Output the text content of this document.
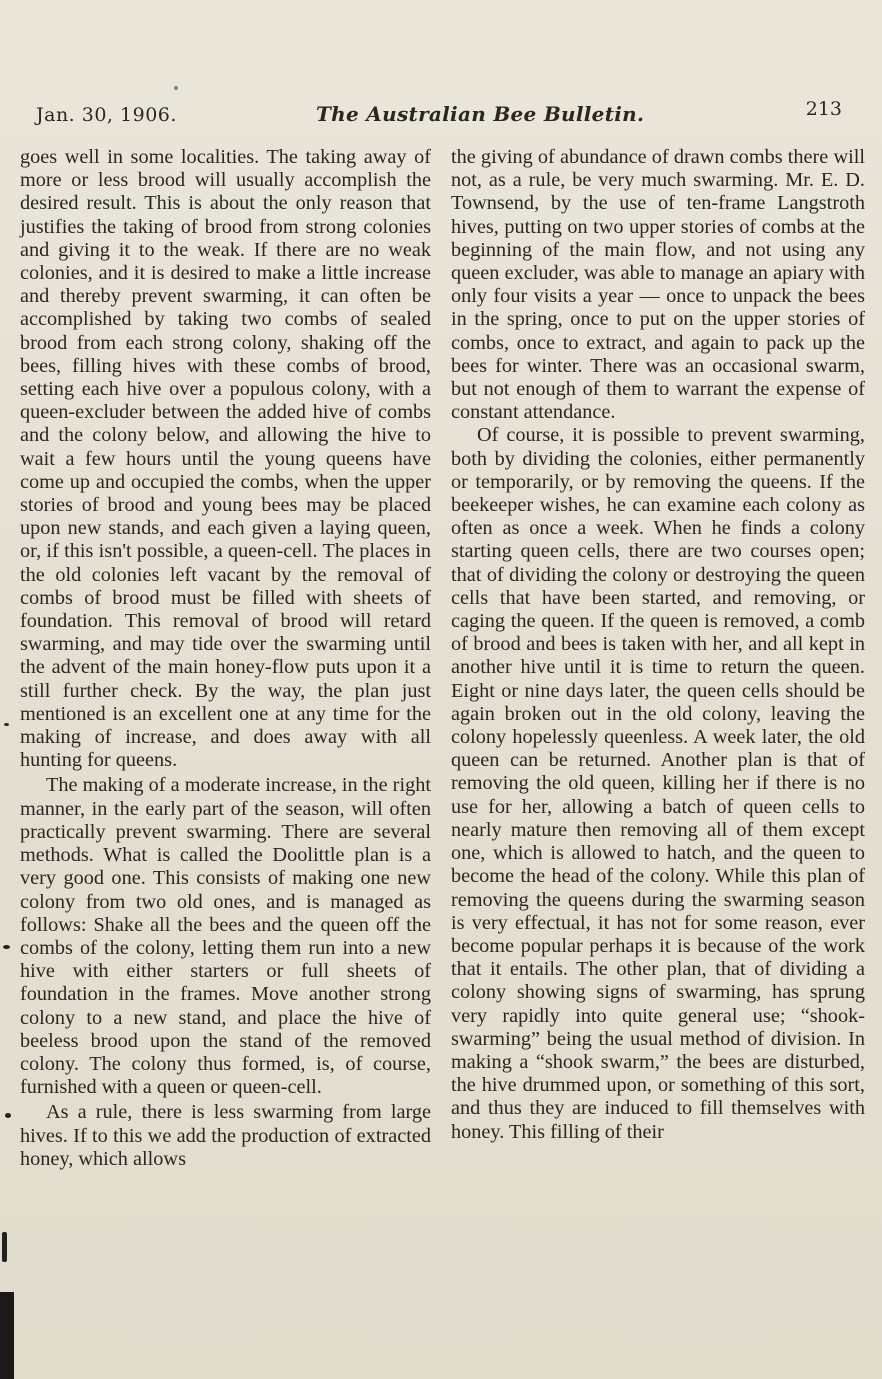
Jan. 30, 1906.	The Australian Bee Bulletin.	213

goes well in some localities. The taking away of more or less brood will usually accomplish the desired result. This is about the only reason that justifies the taking of brood from strong colonies and giving it to the weak. If there are no weak colonies, and it is desired to make a little increase and thereby prevent swarming, it can often be accomplished by taking two combs of sealed brood from each strong colony, shaking off the bees, filling hives with these combs of brood, setting each hive over a populous colony, with a queen-excluder between the added hive of combs and the colony below, and allowing the hive to wait a few hours until the young queens have come up and occupied the combs, when the upper stories of brood and young bees may be placed upon new stands, and each given a laying queen, or, if this isn't possible, a queen-cell. The places in the old colonies left vacant by the removal of combs of brood must be filled with sheets of foundation. This removal of brood will retard swarming, and may tide over the swarming until the advent of the main honey-flow puts upon it a still further check. By the way, the plan just mentioned is an excellent one at any time for the making of increase, and does away with all hunting for queens.

The making of a moderate increase, in the right manner, in the early part of the season, will often practically prevent swarming. There are several methods. What is called the Doolittle plan is a very good one. This consists of making one new colony from two old ones, and is managed as follows: Shake all the bees and the queen off the combs of the colony, letting them run into a new hive with either starters or full sheets of foundation in the frames. Move another strong colony to a new stand, and place the hive of beeless brood upon the stand of the removed colony. The colony thus formed, is, of course, furnished with a queen or queen-cell.

As a rule, there is less swarming from large hives. If to this we add the production of extracted honey, which allows

the giving of abundance of drawn combs there will not, as a rule, be very much swarming. Mr. E. D. Townsend, by the use of ten-frame Langstroth hives, putting on two upper stories of combs at the beginning of the main flow, and not using any queen excluder, was able to manage an apiary with only four visits a year — once to unpack the bees in the spring, once to put on the upper stories of combs, once to extract, and again to pack up the bees for winter. There was an occasional swarm, but not enough of them to warrant the expense of constant attendance.

Of course, it is possible to prevent swarming, both by dividing the colonies, either permanently or temporarily, or by removing the queens. If the beekeeper wishes, he can examine each colony as often as once a week. When he finds a colony starting queen cells, there are two courses open; that of dividing the colony or destroying the queen cells that have been started, and removing, or caging the queen. If the queen is removed, a comb of brood and bees is taken with her, and all kept in another hive until it is time to return the queen. Eight or nine days later, the queen cells should be again broken out in the old colony, leaving the colony hopelessly queenless. A week later, the old queen can be returned. Another plan is that of removing the old queen, killing her if there is no use for her, allowing a batch of queen cells to nearly mature then removing all of them except one, which is allowed to hatch, and the queen to become the head of the colony. While this plan of removing the queens during the swarming season is very effectual, it has not for some reason, ever become popular perhaps it is because of the work that it entails. The other plan, that of dividing a colony showing signs of swarming, has sprung very rapidly into quite general use; “shook-swarming” being the usual method of division. In making a “shook swarm,” the bees are disturbed, the hive drummed upon, or something of this sort, and thus they are induced to fill themselves with honey. This filling of their
